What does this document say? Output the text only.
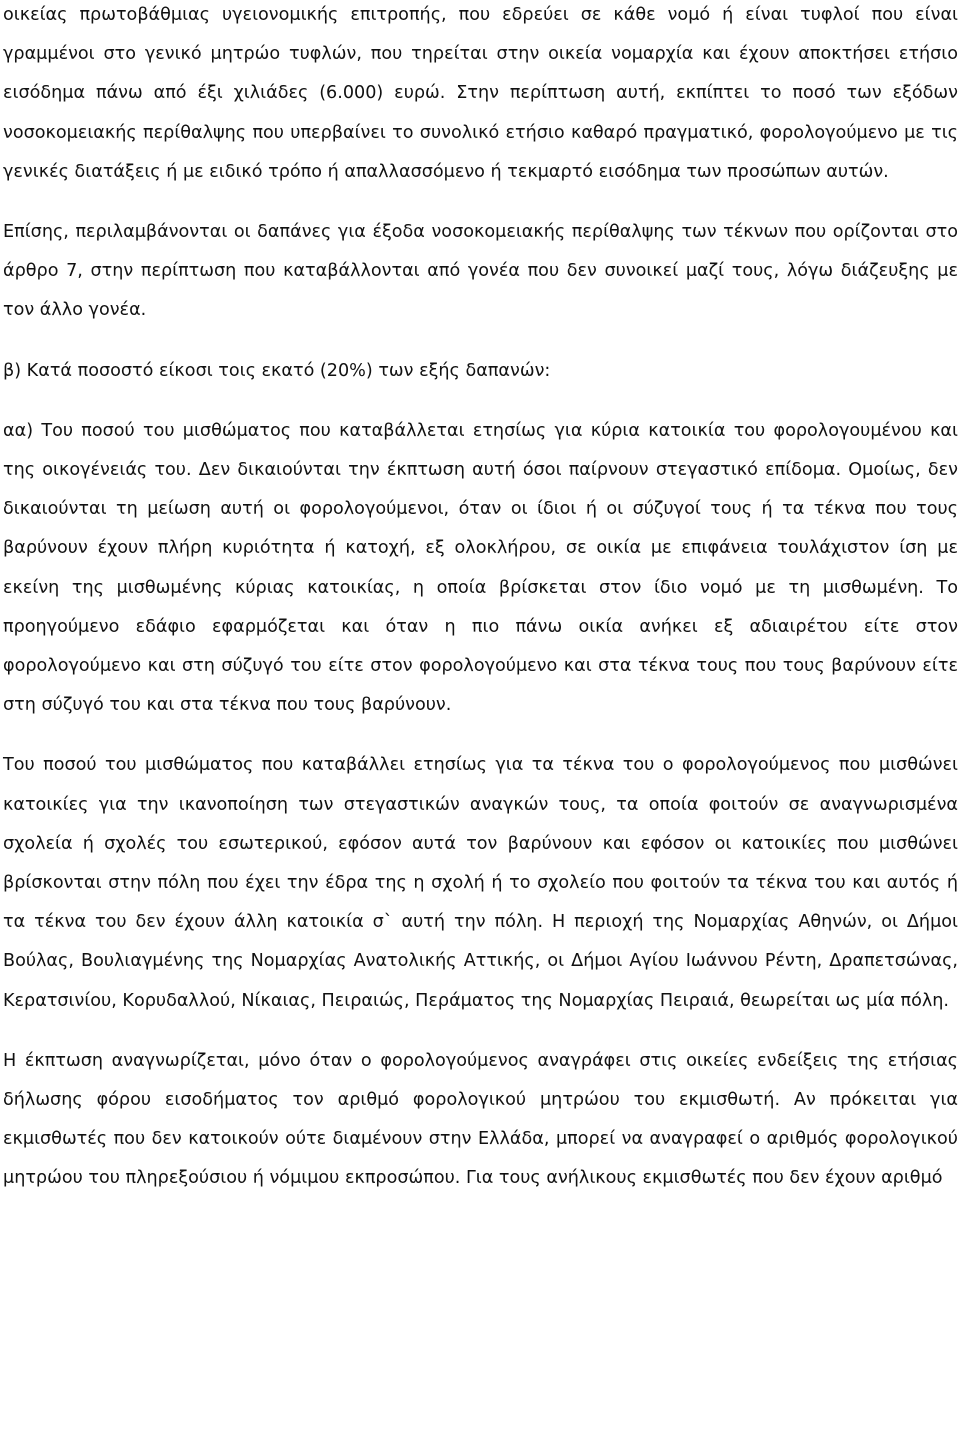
οικείας πρωτοβάθμιας υγειονομικής επιτροπής, που εδρεύει σε κάθε νομό ή είναι τυφλοί που είναι γραμμένοι στο γενικό μητρώο τυφλών, που τηρείται στην οικεία νομαρχία και έχουν αποκτήσει ετήσιο εισόδημα πάνω από έξι χιλιάδες (6.000) ευρώ. Στην περίπτωση αυτή, εκπίπτει το ποσό των εξόδων νοσοκομειακής περίθαλψης που υπερβαίνει το συνολικό ετήσιο καθαρό πραγματικό, φορολογούμενο με τις γενικές διατάξεις ή με ειδικό τρόπο ή απαλλασσόμενο ή τεκμαρτό εισόδημα των προσώπων αυτών.

Επίσης, περιλαμβάνονται οι δαπάνες για έξοδα νοσοκομειακής περίθαλψης των τέκνων που ορίζονται στο άρθρο 7, στην περίπτωση που καταβάλλονται από γονέα που δεν συνοικεί μαζί τους, λόγω διάζευξης με τον άλλο γονέα.

β) Κατά ποσοστό είκοσι τοις εκατό (20%) των εξής δαπανών:

αα) Του ποσού του μισθώματος που καταβάλλεται ετησίως για κύρια κατοικία του φορολογουμένου και της οικογένειάς του. Δεν δικαιούνται την έκπτωση αυτή όσοι παίρνουν στεγαστικό επίδομα. Ομοίως, δεν δικαιούνται τη μείωση αυτή οι φορολογούμενοι, όταν οι ίδιοι ή οι σύζυγοί τους ή τα τέκνα που τους βαρύνουν έχουν πλήρη κυριότητα ή κατοχή, εξ ολοκλήρου, σε οικία με επιφάνεια τουλάχιστον ίση με εκείνη της μισθωμένης κύριας κατοικίας, η οποία βρίσκεται στον ίδιο νομό με τη μισθωμένη. Το προηγούμενο εδάφιο εφαρμόζεται και όταν η πιο πάνω οικία ανήκει εξ αδιαιρέτου είτε στον φορολογούμενο και στη σύζυγό του είτε στον φορολογούμενο και στα τέκνα τους που τους βαρύνουν είτε στη σύζυγό του και στα τέκνα που τους βαρύνουν.

Του ποσού του μισθώματος που καταβάλλει ετησίως για τα τέκνα του ο φορολογούμενος που μισθώνει κατοικίες για την ικανοποίηση των στεγαστικών αναγκών τους, τα οποία φοιτούν σε αναγνωρισμένα σχολεία ή σχολές του εσωτερικού, εφόσον αυτά τον βαρύνουν και εφόσον οι κατοικίες που μισθώνει βρίσκονται στην πόλη που έχει την έδρα της η σχολή ή το σχολείο που φοιτούν τα τέκνα του και αυτός ή τα τέκνα του δεν έχουν άλλη κατοικία σ` αυτή την πόλη. Η περιοχή της Νομαρχίας Αθηνών, οι Δήμοι Βούλας, Βουλιαγμένης της Νομαρχίας Ανατολικής Αττικής, οι Δήμοι Αγίου Ιωάννου Ρέντη, Δραπετσώνας, Κερατσινίου, Κορυδαλλού, Νίκαιας, Πειραιώς, Περάματος της Νομαρχίας Πειραιά, θεωρείται ως μία πόλη.

Η έκπτωση αναγνωρίζεται, μόνο όταν ο φορολογούμενος αναγράφει στις οικείες ενδείξεις της ετήσιας δήλωσης φόρου εισοδήματος τον αριθμό φορολογικού μητρώου του εκμισθωτή. Αν πρόκειται για εκμισθωτές που δεν κατοικούν ούτε διαμένουν στην Ελλάδα, μπορεί να αναγραφεί ο αριθμός φορολογικού μητρώου του πληρεξούσιου ή νόμιμου εκπροσώπου. Για τους ανήλικους εκμισθωτές που δεν έχουν αριθμό
